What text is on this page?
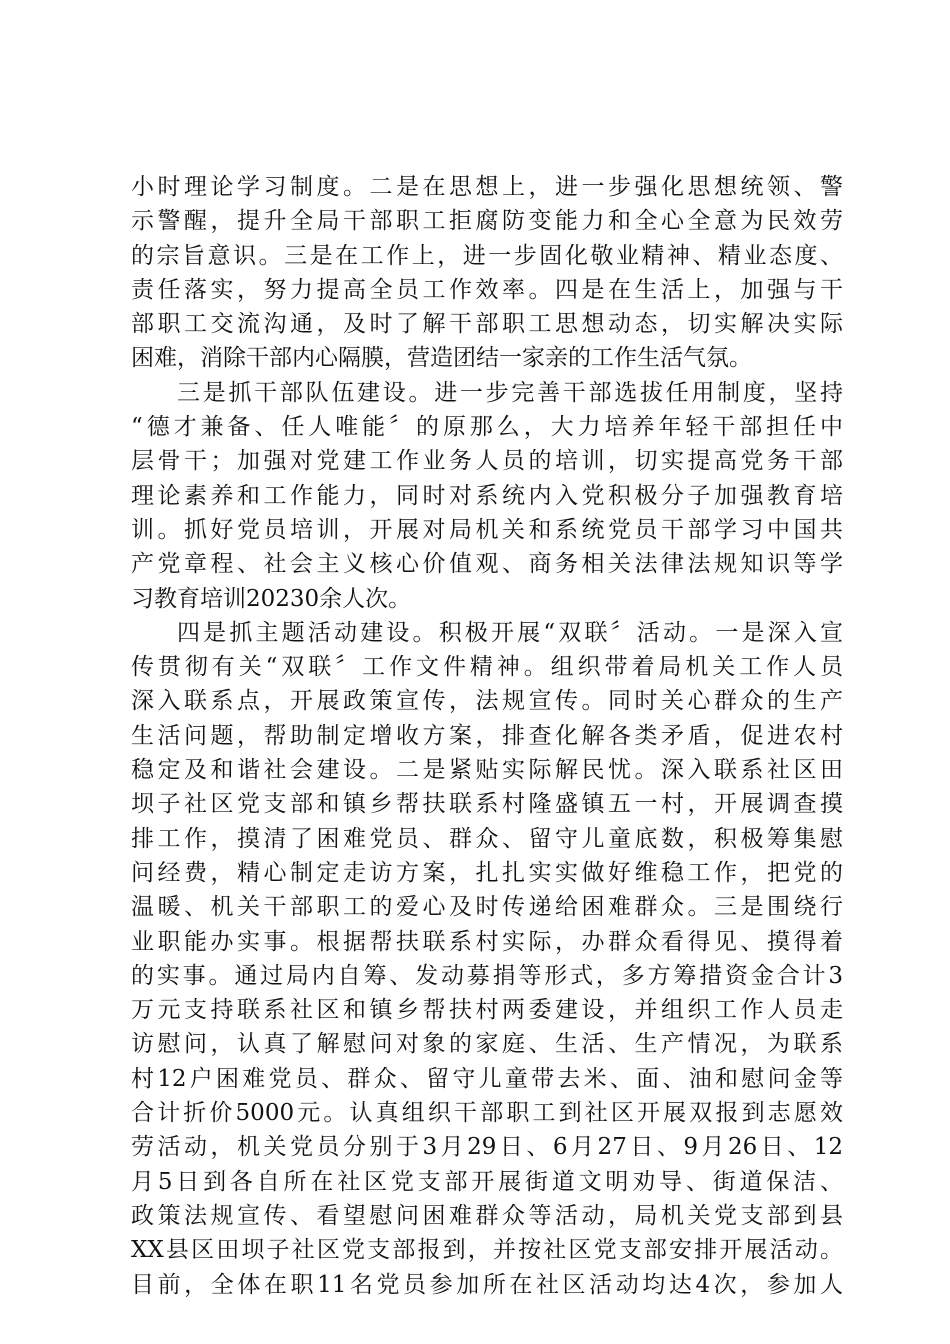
小时理论学习制度。二是在思想上，进一步强化思想统领、警
示警醒，提升全局干部职工拒腐防变能力和全心全意为民效劳
的宗旨意识。三是在工作上，进一步固化敬业精神、精业态度、
责任落实，努力提高全员工作效率。四是在生活上，加强与干
部职工交流沟通，及时了解干部职工思想动态，切实解决实际
困难，消除干部内心隔膜，营造团结一家亲的工作生活气氛。
三是抓干部队伍建设。进一步完善干部选拔任用制度，坚持
“德才兼备、任人唯能〞的原那么，大力培养年轻干部担任中
层骨干；加强对党建工作业务人员的培训，切实提高党务干部
理论素养和工作能力，同时对系统内入党积极分子加强教育培
训。抓好党员培训，开展对局机关和系统党员干部学习中国共
产党章程、社会主义核心价值观、商务相关法律法规知识等学
习教育培训20230余人次。
四是抓主题活动建设。积极开展“双联〞活动。一是深入宣
传贯彻有关“双联〞工作文件精神。组织带着局机关工作人员
深入联系点，开展政策宣传，法规宣传。同时关心群众的生产
生活问题，帮助制定增收方案，排查化解各类矛盾，促进农村
稳定及和谐社会建设。二是紧贴实际解民忧。深入联系社区田
坝子社区党支部和镇乡帮扶联系村隆盛镇五一村，开展调查摸
排工作，摸清了困难党员、群众、留守儿童底数，积极筹集慰
问经费，精心制定走访方案，扎扎实实做好维稳工作，把党的
温暖、机关干部职工的爱心及时传递给困难群众。三是围绕行
业职能办实事。根据帮扶联系村实际，办群众看得见、摸得着
的实事。通过局内自筹、发动募捐等形式，多方筹措资金合计3
万元支持联系社区和镇乡帮扶村两委建设，并组织工作人员走
访慰问，认真了解慰问对象的家庭、生活、生产情况，为联系
村12户困难党员、群众、留守儿童带去米、面、油和慰问金等
合计折价5000元。认真组织干部职工到社区开展双报到志愿效
劳活动，机关党员分别于3月29日、6月27日、9月26日、12
月5日到各自所在社区党支部开展街道文明劝导、街道保洁、
政策法规宣传、看望慰问困难群众等活动，局机关党支部到县
XX县区田坝子社区党支部报到，并按社区党支部安排开展活动。
目前，全体在职11名党员参加所在社区活动均达4次，参加人
